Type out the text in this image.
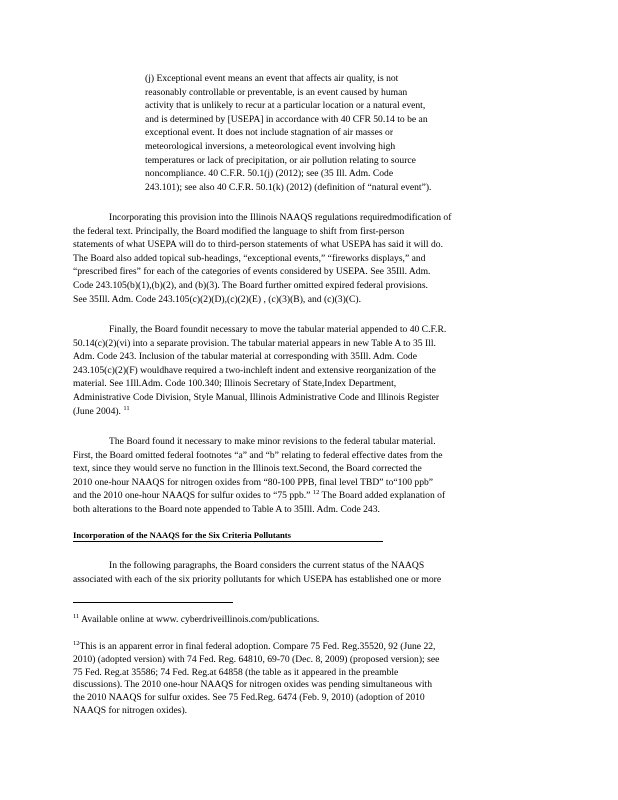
(j) Exceptional event means an event that affects air quality, is not
reasonably controllable or preventable, is an event caused by human
activity that is unlikely to recur at a particular location or a natural event,
and is determined by [USEPA] in accordance with 40 CFR 50.14 to be an
exceptional event. It does not include stagnation of air masses or
meteorological inversions, a meteorological event involving high
temperatures or lack of precipitation, or air pollution relating to source
noncompliance. 40 C.F.R. 50.1(j) (2012); see (35 Ill. Adm. Code
243.101); see also 40 C.F.R. 50.1(k) (2012) (definition of “natural event”).
Incorporating this provision into the Illinois NAAQS regulations requiredmodification of
the federal text. Principally, the Board modified the language to shift from first-person
statements of what USEPA will do to third-person statements of what USEPA has said it will do.
The Board also added topical sub-headings, “exceptional events,” “fireworks displays,” and
“prescribed fires” for each of the categories of events considered by USEPA. See 35Ill. Adm.
Code 243.105(b)(1),(b)(2), and (b)(3). The Board further omitted expired federal provisions.
See 35Ill. Adm. Code 243.105(c)(2)(D),(c)(2)(E) , (c)(3)(B), and (c)(3)(C).
Finally, the Board foundit necessary to move the tabular material appended to 40 C.F.R.
50.14(c)(2)(vi) into a separate provision. The tabular material appears in new Table A to 35 Ill.
Adm. Code 243. Inclusion of the tabular material at corresponding with 35Ill. Adm. Code
243.105(c)(2)(F) wouldhave required a two-inchleft indent and extensive reorganization of the
material. See 1Ill.Adm. Code 100.340; Illinois Secretary of State,Index Department,
Administrative Code Division, Style Manual, Illinois Administrative Code and Illinois Register
(June 2004). $^{11}$
The Board found it necessary to make minor revisions to the federal tabular material.
First, the Board omitted federal footnotes “a” and “b” relating to federal effective dates from the
text, since they would serve no function in the Illinois text.Second, the Board corrected the
2010 one-hour NAAQS for nitrogen oxides from “80-100 PPB, final level TBD” to“100 ppb”
and the 2010 one-hour NAAQS for sulfur oxides to “75 ppb.” $^{12}$ The Board added explanation of
both alterations to the Board note appended to Table A to 35Ill. Adm. Code 243.
Incorporation of the NAAQS for the Six Criteria Pollutants
In the following paragraphs, the Board considers the current status of the NAAQS
associated with each of the six priority pollutants for which USEPA has established one or more
$^{11}$ Available online at www. cyberdriveillinois.com/publications.
$^{12}$This is an apparent error in final federal adoption. Compare 75 Fed. Reg.35520, 92 (June 22,
2010) (adopted version) with 74 Fed. Reg. 64810, 69-70 (Dec. 8, 2009) (proposed version); see
75 Fed. Reg.at 35586; 74 Fed. Reg.at 64858 (the table as it appeared in the preamble
discussions). The 2010 one-hour NAAQS for nitrogen oxides was pending simultaneous with
the 2010 NAAQS for sulfur oxides. See 75 Fed.Reg. 6474 (Feb. 9, 2010) (adoption of 2010
NAAQS for nitrogen oxides).
